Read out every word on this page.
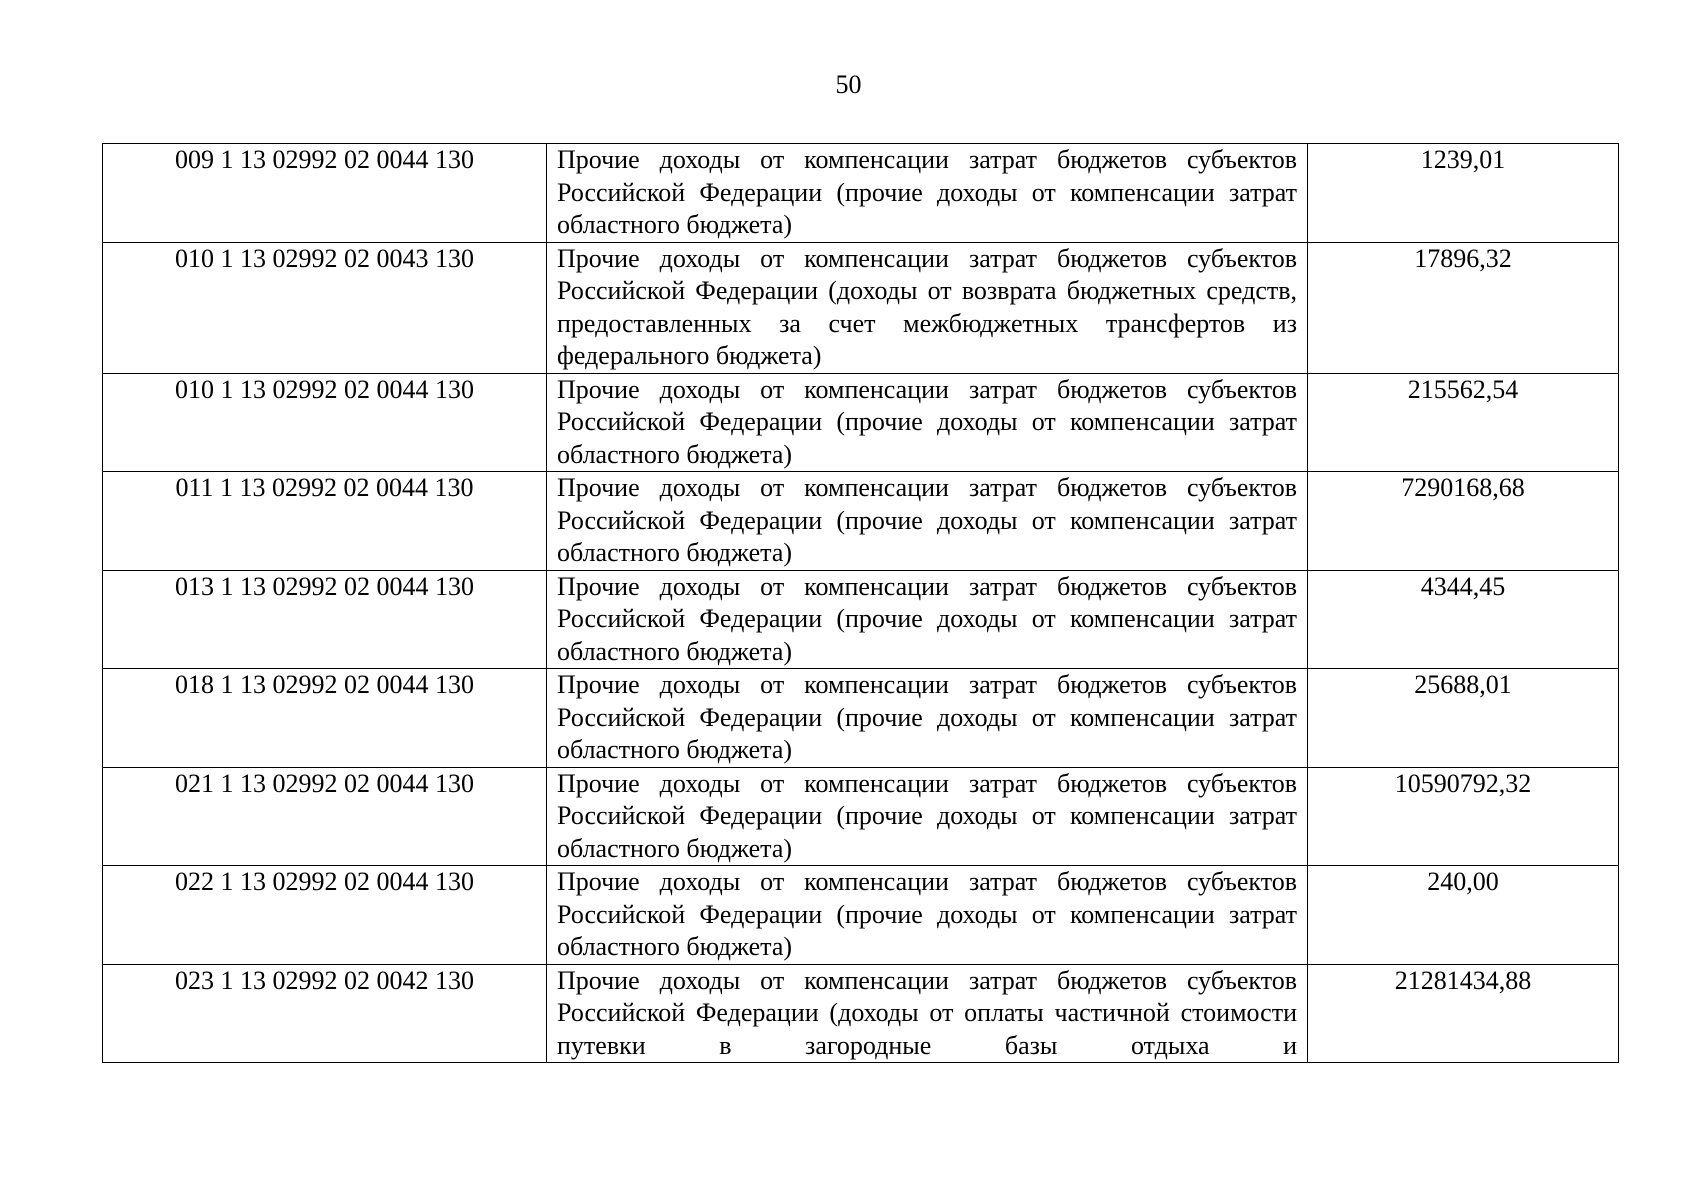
50
009 1 13 02992 02 0044 130	Прочие доходы от компенсации затрат бюджетов субъектов Российской Федерации (прочие доходы от компенсации затрат областного бюджета)	1239,01
010 1 13 02992 02 0043 130	Прочие доходы от компенсации затрат бюджетов субъектов Российской Федерации (доходы от возврата бюджетных средств, предоставленных за счет межбюджетных трансфертов из федерального бюджета)	17896,32
010 1 13 02992 02 0044 130	Прочие доходы от компенсации затрат бюджетов субъектов Российской Федерации (прочие доходы от компенсации затрат областного бюджета)	215562,54
011 1 13 02992 02 0044 130	Прочие доходы от компенсации затрат бюджетов субъектов Российской Федерации (прочие доходы от компенсации затрат областного бюджета)	7290168,68
013 1 13 02992 02 0044 130	Прочие доходы от компенсации затрат бюджетов субъектов Российской Федерации (прочие доходы от компенсации затрат областного бюджета)	4344,45
018 1 13 02992 02 0044 130	Прочие доходы от компенсации затрат бюджетов субъектов Российской Федерации (прочие доходы от компенсации затрат областного бюджета)	25688,01
021 1 13 02992 02 0044 130	Прочие доходы от компенсации затрат бюджетов субъектов Российской Федерации (прочие доходы от компенсации затрат областного бюджета)	10590792,32
022 1 13 02992 02 0044 130	Прочие доходы от компенсации затрат бюджетов субъектов Российской Федерации (прочие доходы от компенсации затрат областного бюджета)	240,00
023 1 13 02992 02 0042 130	Прочие доходы от компенсации затрат бюджетов субъектов Российской Федерации (доходы от оплаты частичной стоимости путевки в загородные базы отдыха и	21281434,88
